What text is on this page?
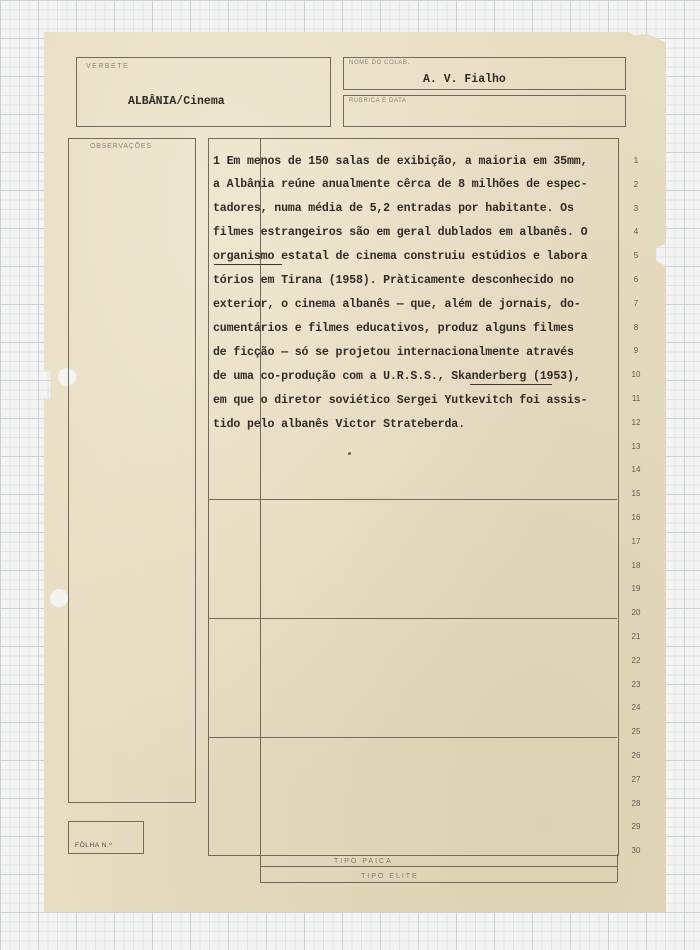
VERBETE
ALBÂNIA/Cinema
NOME DO COLAB.
A. V. Fialho
RUBRICA E DATA
OBSERVAÇÕES
FÔLHA N.º
TIPO PAICA
TIPO ELITE
1 Em menos de 150 salas de exibição, a maioria em 35mm,
a Albânia reúne anualmente cêrca de 8 milhões de espec-
tadores, numa média de 5,2 entradas por habitante. Os
filmes estrangeiros são em geral dublados em albanês. O
organismo estatal de cinema construiu estúdios e labora
tórios em Tirana (1958). Pràticamente desconhecido no
exterior, o cinema albanês — que, além de jornais, do-
cumentários e filmes educativos, produz alguns filmes
de ficção — só se projetou internacionalmente através
de uma co-produção com a U.R.S.S., Skanderberg (1953),
em que o diretor soviético Sergei Yutkevitch foi assis-
tido pelo albanês Victor Strateberda.
1
2
3
4
5
6
7
8
9
10
11
12
13
14
15
16
17
18
19
20
21
22
23
24
25
26
27
28
29
30
